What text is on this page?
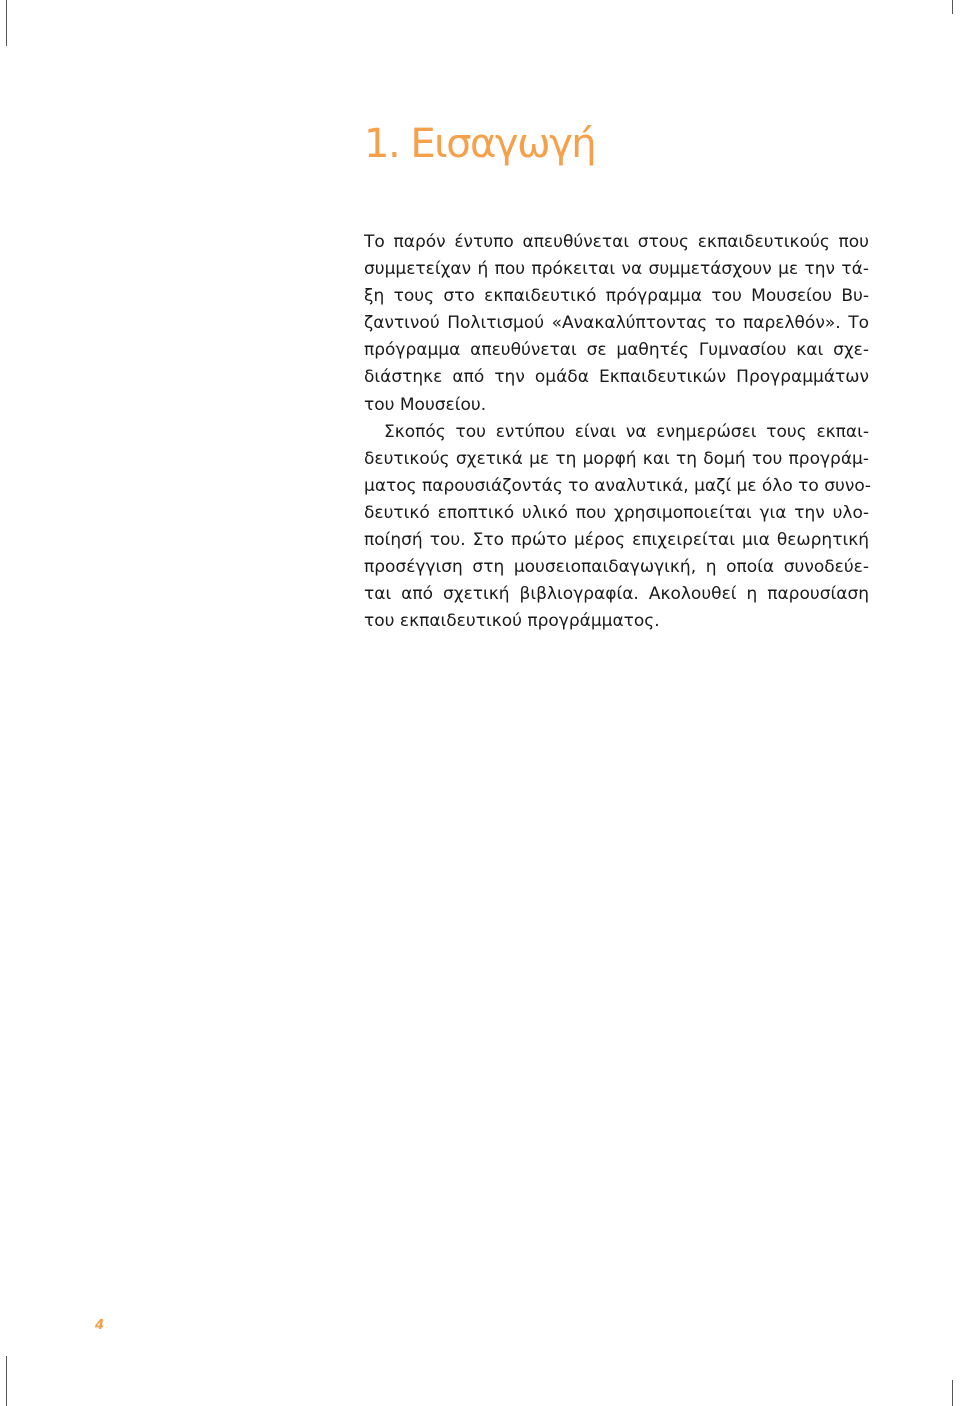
1. Εισαγωγή
Το παρόν έντυπο απευθύνεται στους εκπαιδευτικούς που
συμμετείχαν ή που πρόκειται να συμμετάσχουν με την τά-
ξη τους στο εκπαιδευτικό πρόγραμμα του Μουσείου Βυ-
ζαντινού Πολιτισμού «Ανακαλύπτοντας το παρελθόν». Το
πρόγραμμα απευθύνεται σε μαθητές Γυμνασίου και σχε-
διάστηκε από την ομάδα Εκπαιδευτικών Προγραμμάτων
του Μουσείου.
Σκοπός του εντύπου είναι να ενημερώσει τους εκπαι-
δευτικούς σχετικά με τη μορφή και τη δομή του προγράμ-
ματος παρουσιάζοντάς το αναλυτικά, μαζί με όλο το συνο-
δευτικό εποπτικό υλικό που χρησιμοποιείται για την υλο-
ποίησή του. Στο πρώτο μέρος επιχειρείται μια θεωρητική
προσέγγιση στη μουσειοπαιδαγωγική, η οποία συνοδεύε-
ται από σχετική βιβλιογραφία. Ακολουθεί η παρουσίαση
του εκπαιδευτικού προγράμματος.
4
